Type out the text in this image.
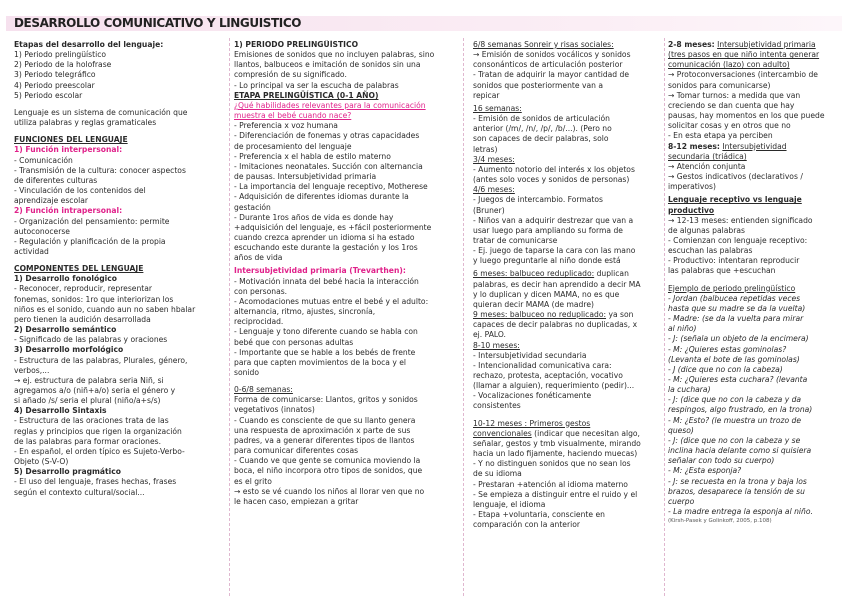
DESARROLLO COMUNICATIVO Y LINGUISTICO
Etapas del desarrollo del lenguaje:
1) Periodo prelingüístico
2) Periodo de la holofrase
3) Periodo telegráfico
4) Periodo preescolar
5) Periodo escolar
Lenguaje es un sistema de comunicación que
utiliza palabras y reglas gramaticales
FUNCIONES DEL LENGUAJE
1) Función interpersonal:
- Comunicación
- Transmisión de la cultura: conocer aspectos
de diferentes culturas
- Vinculación de los contenidos del
aprendizaje escolar
2) Función intrapersonal:
- Organización del pensamiento: permite
autoconocerse
- Regulación y planificación de la propia
actividad
COMPONENTES DEL LENGUAJE
1) Desarrollo fonológico
- Reconocer, reproducir, representar
fonemas, sonidos: 1ro que interiorizan los
niños es el sonido, cuando aun no saben hbalar
pero tienen la audición desarrollada
2) Desarrollo semántico
- Significado de las palabras y oraciones
3) Desarrollo morfológico
- Estructura de las palabras, Plurales, género,
verbos,...
→ ej. estructura de palabra seria Niñ, si
agregamos a/o (niñ+a/o) seria el género y
si añado /s/ seria el plural (niño/a+s/s)
4) Desarrollo Sintaxis
- Estructura de las oraciones trata de las
reglas y principios que rigen la organización
de las palabras para formar oraciones.
- En español, el orden típico es Sujeto-Verbo-
Objeto (S-V-O)
5) Desarrollo pragmático
- El uso del lenguaje, frases hechas, frases
según el contexto cultural/social...
1) PERIODO PRELINGÜÍSTICO
Emisiones de sonidos que no incluyen palabras, sino
llantos, balbuceos e imitación de sonidos sin una
compresión de su significado.
- Lo principal va ser la escucha de palabras
ETAPA PRELINGÜÍSTICA (0-1 AÑO)
¿Qué habilidades relevantes para la comunicación
muestra el bebé cuando nace?
- Preferencia x voz humana
- Diferenciación de fonemas y otras capacidades
de procesamiento del lenguaje
- Preferencia x el habla de estilo materno
- Imitaciones neonatales. Succión con alternancia
de pausas. Intersubjetividad primaria
- La importancia del lenguaje receptivo, Motherese
- Adquisición de diferentes idiomas durante la
gestación
- Durante 1ros años de vida es donde hay
+adquisición del lenguaje, es +fácil posteriormente
cuando crezca aprender un idioma si ha estado
escuchando este durante la gestación y los 1ros
años de vida
Intersubjetividad primaria (Trevarthen):
- Motivación innata del bebé hacia la interacción
con personas.
- Acomodaciones mutuas entre el bebé y el adulto:
alternancia, ritmo, ajustes, sincronía,
reciprocidad.
- Lenguaje y tono diferente cuando se habla con
bebé que con personas adultas
- Importante que se hable a los bebés de frente
para que capten movimientos de la boca y el
sonido
0-6/8 semanas:
Forma de comunicarse: Llantos, gritos y sonidos
vegetativos (innatos)
- Cuando es consciente de que su llanto genera
una respuesta de aproximación x parte de sus
padres, va a generar diferentes tipos de llantos
para comunicar diferentes cosas
- Cuando ve que gente se comunica moviendo la
boca, el niño incorpora otro tipos de sonidos, que
es el grito
→ esto se vé cuando los niños al llorar ven que no
le hacen caso, empiezan a gritar
6/8 semanas Sonreir y risas sociales:
→ Emisión de sonidos vocálicos y sonidos
consonánticos de articulación posterior
- Tratan de adquirir la mayor cantidad de
sonidos que posteriormente van a
repicar
16 semanas:
- Emisión de sonidos de articulación
anterior (/m/, /n/, /p/, /b/...). (Pero no
son capaces de decir palabras, solo
letras)
3/4 meses:
- Aumento notorio del interés x los objetos
(antes solo voces y sonidos de personas)
4/6 meses:
- Juegos de intercambio. Formatos
(Bruner)
- Niños van a adquirir destrezar que van a
usar luego para ampliando su forma de
tratar de comunicarse
- Ej. juego de taparse la cara con las mano
y luego preguntarle al niño donde está
6 meses: balbuceo reduplicado: duplican
palabras, es decir han aprendido a decir MA
y lo duplican y dicen MAMA, no es que
quieran decir MAMA (de madre)
9 meses: balbuceo no reduplicado: ya son
capaces de decir palabras no duplicadas, x
ej. PALO.
8-10 meses:
- Intersubjetividad secundaria
- Intencionalidad comunicativa cara:
rechazo, protesta, aceptación, vocativo
(llamar a alguien), requerimiento (pedir)...
- Vocalizaciones fonéticamente
consistentes
10-12 meses : Primeros gestos
convencionales (indicar que necesitan algo,
señalar, gestos y tmb visualmente, mirando
hacia un lado fijamente, haciendo muecas)
- Y no distinguen sonidos que no sean los
de su idioma
- Prestaran +atención al idioma materno
- Se empieza a distinguir entre el ruido y el
lenguaje, el idioma
- Etapa +voluntaria, consciente en
comparación con la anterior
2-8 meses: Intersubjetividad primaria
(tres pasos en que niño intenta generar
comunicación (lazo) con adulto)
→ Protoconversaciones (intercambio de
sonidos para comunicarse)
→ Tomar turnos: a medida que van
creciendo se dan cuenta que hay
pausas, hay momentos en los que puede
solicitar cosas y en otros que no
- En esta etapa ya perciben
8-12 meses: Intersubjetividad
secundaria (triádica)
→ Atención conjunta
→ Gestos indicativos (declarativos /
imperativos)
Lenguaje receptivo vs lenguaje
productivo
→ 12-13 meses: entienden significado
de algunas palabras
- Comienzan con lenguaje receptivo:
escuchan las palabras
- Productivo: intentaran reproducir
las palabras que +escuchan
Ejemplo de periodo prelingüístico
- Jordan (balbucea repetidas veces
hasta que su madre se da la vuelta)
- Madre: (se da la vuelta para mirar
al niño)
- J: (señala un objeto de la encimera)
- M: ¿Quieres estas gominolas?
(Levanta el bote de las gominolas)
- J (dice que no con la cabeza)
- M: ¿Quieres esta cuchara? (levanta
la cuchara)
- J: (dice que no con la cabeza y da
respingos, algo frustrado, en la trona)
- M: ¿Esto? (le muestra un trozo de
queso)
- J: (dice que no con la cabeza y se
inclina hacia delante como si quisiera
señalar con todo su cuerpo)
- M: ¿Esta esponja?
- J: se recuesta en la trona y baja los
brazos, desaparece la tensión de su
cuerpo
- La madre entrega la esponja al niño.
(Kirsh-Pasek y Golinkoff, 2005, p.108)
